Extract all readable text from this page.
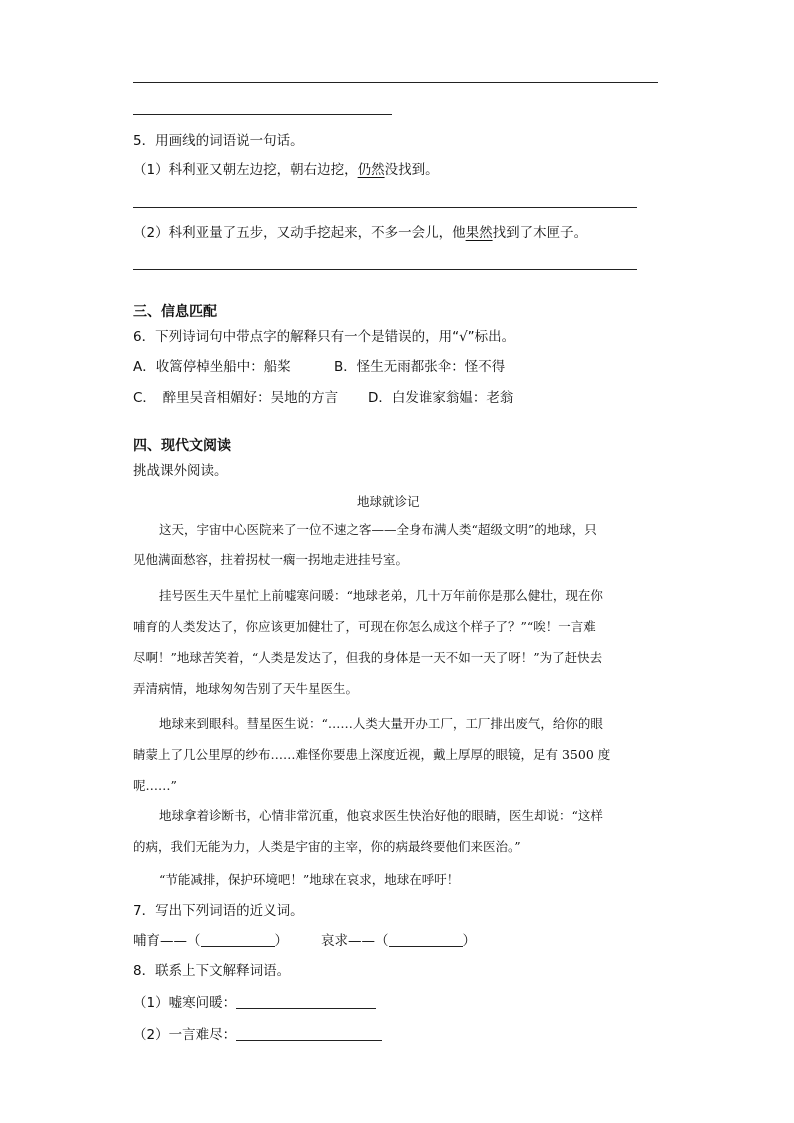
5．用画线的词语说一句话。
（1）科利亚又朝左边挖，朝右边挖，仍然没找到。
（2）科利亚量了五步，又动手挖起来，不多一会儿，他果然找到了木匣子。
三、信息匹配
6．下列诗词句中带点字的解释只有一个是错误的，用“√”标出。
A．收篙停棹坐船中：船桨	B．怪生无雨都张伞：怪不得
C．　醉里吴音相媚好：吴地的方言 D．白发谁家翁媪：老翁
四、现代文阅读
挑战课外阅读。
地球就诊记
这天，宇宙中心医院来了一位不速之客——全身布满人类“超级文明”的地球，只
见他满面愁容，拄着拐杖一瘸一拐地走进挂号室。
挂号医生天牛星忙上前嘘寒问暖：“地球老弟，几十万年前你是那么健壮，现在你
哺育的人类发达了，你应该更加健壮了，可现在你怎么成这个样子了？”“唉！一言难
尽啊！”地球苦笑着，“人类是发达了，但我的身体是一天不如一天了呀！”为了赶快去
弄清病情，地球匆匆告别了天牛星医生。
地球来到眼科。彗星医生说：“……人类大量开办工厂，工厂排出废气，给你的眼
睛蒙上了几公里厚的纱布……难怪你要患上深度近视，戴上厚厚的眼镜，足有 3500 度
呢……”
地球拿着诊断书，心情非常沉重，他哀求医生快治好他的眼睛，医生却说：“这样
的病，我们无能为力，人类是宇宙的主宰，你的病最终要他们来医治。”
“节能减排，保护环境吧！”地球在哀求，地球在呼吁！
7．写出下列词语的近义词。
哺育——（	） 哀求——（	）
8．联系上下文解释词语。
（1）嘘寒问暖：
（2）一言难尽：
